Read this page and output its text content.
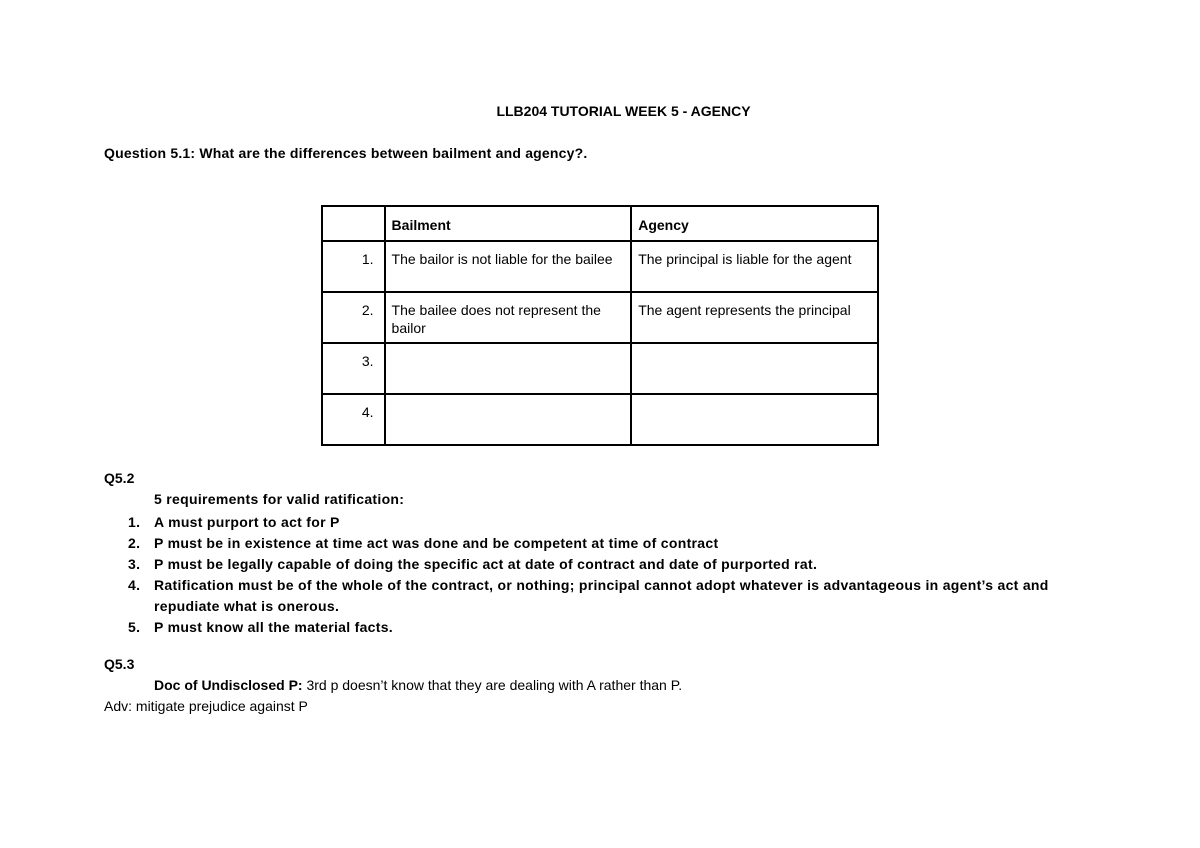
LLB204 TUTORIAL WEEK 5 - AGENCY
Question 5.1: What are the differences between bailment and agency?.
	Bailment	Agency
1.	The bailor is not liable for the bailee	The principal is liable for the agent
2.	The bailee does not represent the bailor	The agent represents the principal
3.		
4.		
Q5.2
5 requirements for valid ratification:
1. A must purport to act for P
2. P must be in existence at time act was done and be competent at time of contract
3. P must be legally capable of doing the specific act at date of contract and date of purported rat.
4. Ratification must be of the whole of the contract, or nothing; principal cannot adopt whatever is advantageous in agent’s act and repudiate what is onerous.
5. P must know all the material facts.
Q5.3
Doc of Undisclosed P: 3rd p doesn’t know that they are dealing with A rather than P.
Adv: mitigate prejudice against P
